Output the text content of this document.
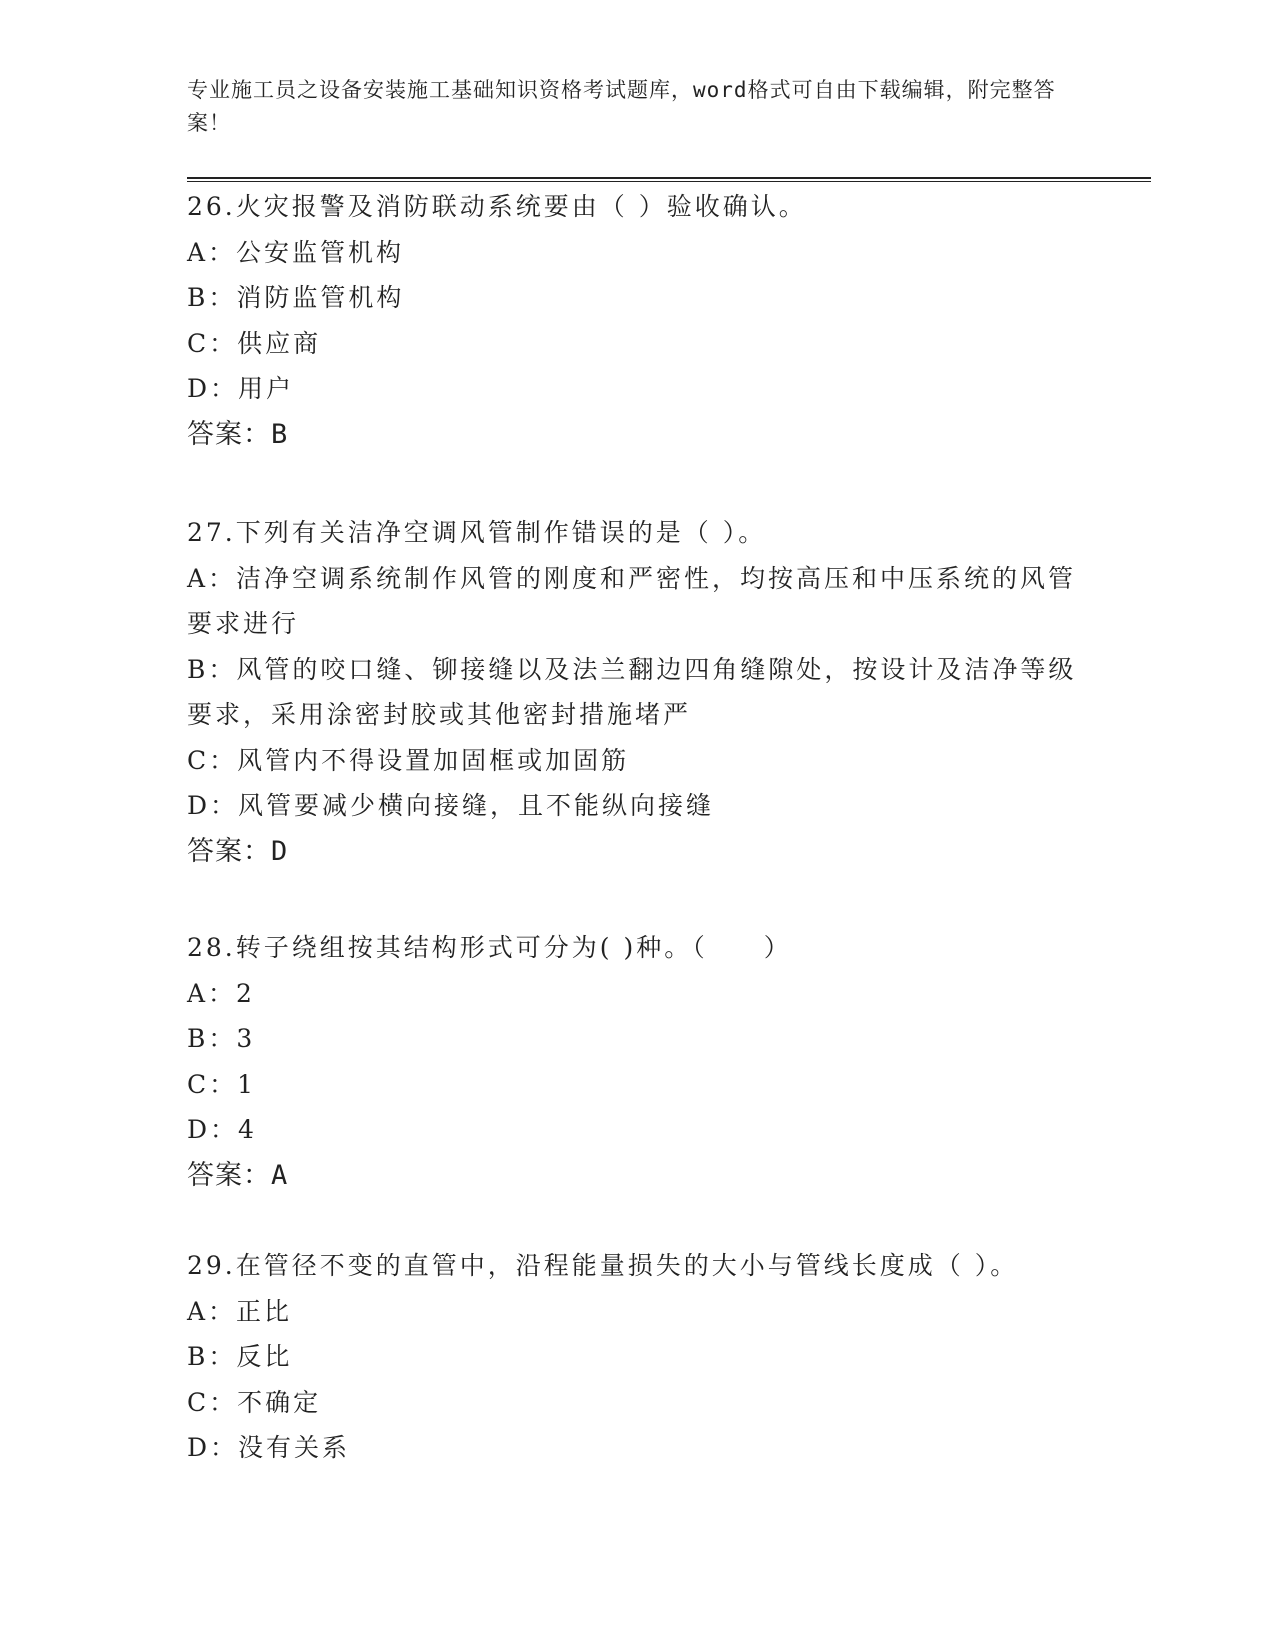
专业施工员之设备安装施工基础知识资格考试题库，word格式可自由下载编辑，附完整答案！
26.火灾报警及消防联动系统要由（ ）验收确认。
A：公安监管机构
B：消防监管机构
C：供应商
D：用户
答案：B
27.下列有关洁净空调风管制作错误的是（ ）。
A：洁净空调系统制作风管的刚度和严密性，均按高压和中压系统的风管要求进行
B：风管的咬口缝、铆接缝以及法兰翻边四角缝隙处，按设计及洁净等级要求，采用涂密封胶或其他密封措施堵严
C：风管内不得设置加固框或加固筋
D：风管要减少横向接缝，且不能纵向接缝
答案：D
28.转子绕组按其结构形式可分为( )种。（　　）
A：2
B：3
C：1
D：4
答案：A
29.在管径不变的直管中，沿程能量损失的大小与管线长度成（ ）。
A：正比
B：反比
C：不确定
D：没有关系
